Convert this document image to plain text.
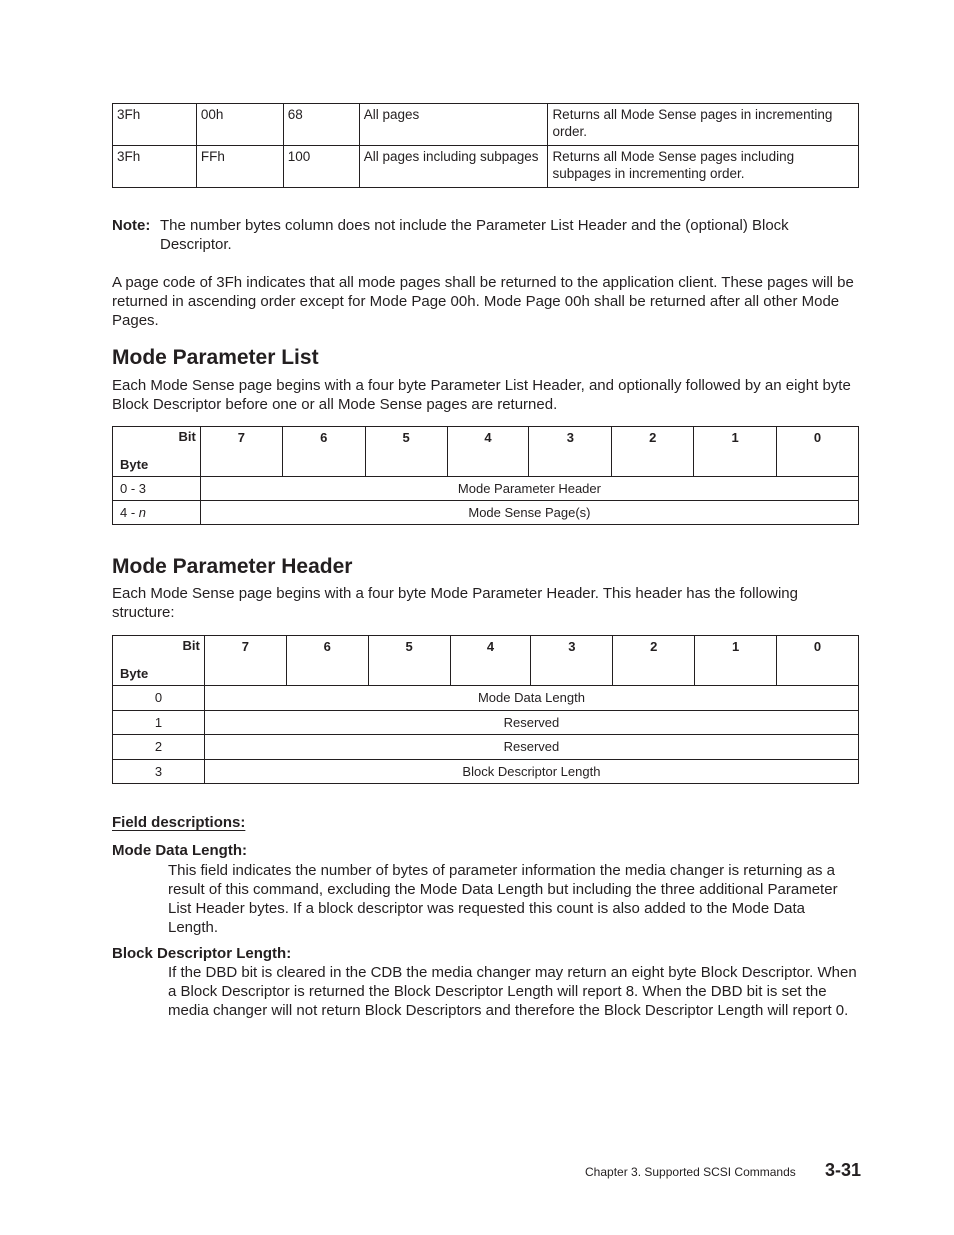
3Fh	00h	68	All pages	Returns all Mode Sense pages in incrementing order.
3Fh	FFh	100	All pages including subpages	Returns all Mode Sense pages including subpages in incrementing order.
Note: The number bytes column does not include the Parameter List Header and the (optional) Block Descriptor.
A page code of 3Fh indicates that all mode pages shall be returned to the application client. These pages will be returned in ascending order except for Mode Page 00h. Mode Page 00h shall be returned after all other Mode Pages.
Mode Parameter List
Each Mode Sense page begins with a four byte Parameter List Header, and optionally followed by an eight byte Block Descriptor before one or all Mode Sense pages are returned.
Bit
Byte	7	6	5	4	3	2	1	0
0 - 3	Mode Parameter Header							
4 - n	Mode Sense Page(s)							
Mode Parameter Header
Each Mode Sense page begins with a four byte Mode Parameter Header. This header has the following structure:
Bit
Byte	7	6	5	4	3	2	1	0
0	Mode Data Length							
1	Reserved							
2	Reserved							
3	Block Descriptor Length							
Field descriptions:
Mode Data Length:
This field indicates the number of bytes of parameter information the media changer is returning as a result of this command, excluding the Mode Data Length but including the three additional Parameter List Header bytes. If a block descriptor was requested this count is also added to the Mode Data Length.
Block Descriptor Length:
If the DBD bit is cleared in the CDB the media changer may return an eight byte Block Descriptor. When a Block Descriptor is returned the Block Descriptor Length will report 8. When the DBD bit is set the media changer will not return Block Descriptors and therefore the Block Descriptor Length will report 0.
Chapter 3. Supported SCSI Commands 3-31
